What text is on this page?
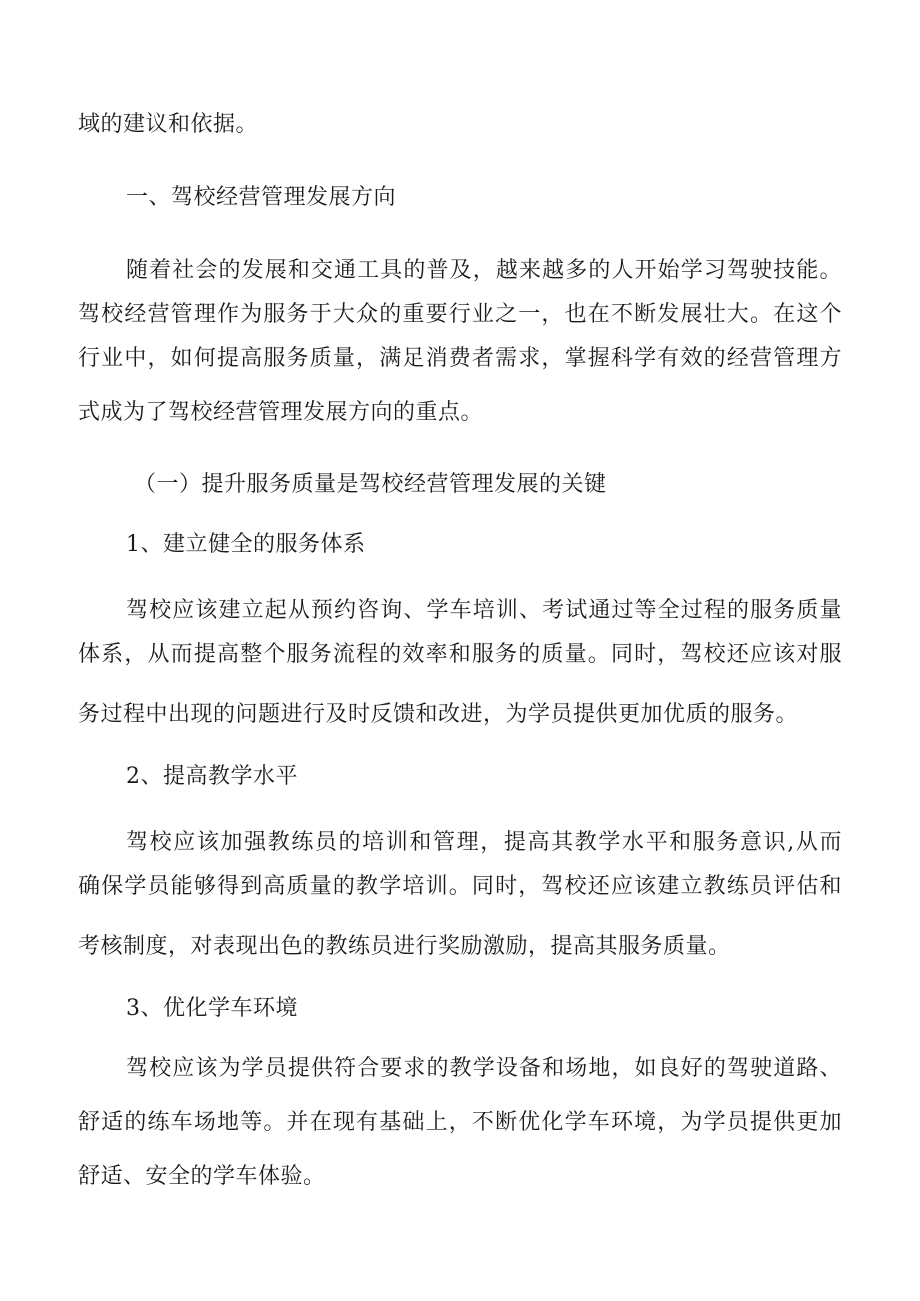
域的建议和依据。
一、驾校经营管理发展方向
随着社会的发展和交通工具的普及，越来越多的人开始学习驾驶技能。
驾校经营管理作为服务于大众的重要行业之一，也在不断发展壮大。在这个
行业中，如何提高服务质量，满足消费者需求，掌握科学有效的经营管理方
式成为了驾校经营管理发展方向的重点。
（一）提升服务质量是驾校经营管理发展的关键
1、建立健全的服务体系
驾校应该建立起从预约咨询、学车培训、考试通过等全过程的服务质量
体系，从而提高整个服务流程的效率和服务的质量。同时，驾校还应该对服
务过程中出现的问题进行及时反馈和改进，为学员提供更加优质的服务。
2、提高教学水平
驾校应该加强教练员的培训和管理，提高其教学水平和服务意识,从而
确保学员能够得到高质量的教学培训。同时，驾校还应该建立教练员评估和
考核制度，对表现出色的教练员进行奖励激励，提高其服务质量。
3、优化学车环境
驾校应该为学员提供符合要求的教学设备和场地，如良好的驾驶道路、
舒适的练车场地等。并在现有基础上，不断优化学车环境，为学员提供更加
舒适、安全的学车体验。
